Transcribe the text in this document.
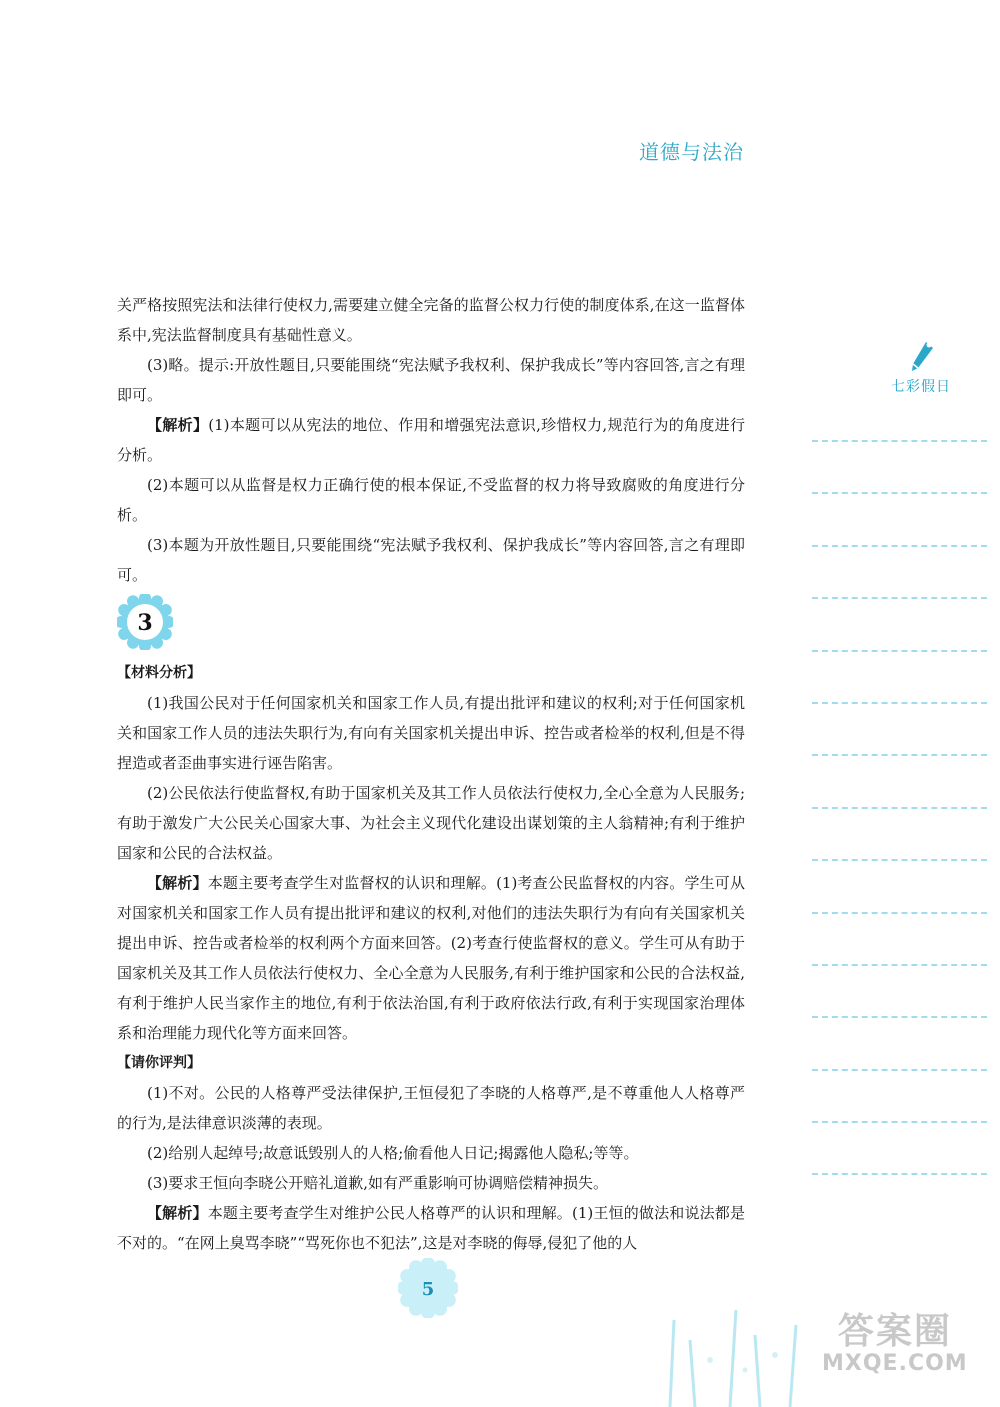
道德与法治
七彩假日

关严格按照宪法和法律行使权力,需要建立健全完备的监督公权力行使的制度体系,在这一监督体系中,宪法监督制度具有基础性意义。

(3)略。提示:开放性题目,只要能围绕“宪法赋予我权利、保护我成长”等内容回答,言之有理即可。

【解析】(1)本题可以从宪法的地位、作用和增强宪法意识,珍惜权力,规范行为的角度进行分析。

(2)本题可以从监督是权力正确行使的根本保证,不受监督的权力将导致腐败的角度进行分析。

(3)本题为开放性题目,只要能围绕“宪法赋予我权利、保护我成长”等内容回答,言之有理即可。

3

【材料分析】

(1)我国公民对于任何国家机关和国家工作人员,有提出批评和建议的权利;对于任何国家机关和国家工作人员的违法失职行为,有向有关国家机关提出申诉、控告或者检举的权利,但是不得捏造或者歪曲事实进行诬告陷害。

(2)公民依法行使监督权,有助于国家机关及其工作人员依法行使权力,全心全意为人民服务;有助于激发广大公民关心国家大事、为社会主义现代化建设出谋划策的主人翁精神;有利于维护国家和公民的合法权益。

【解析】本题主要考查学生对监督权的认识和理解。(1)考查公民监督权的内容。学生可从对国家机关和国家工作人员有提出批评和建议的权利,对他们的违法失职行为有向有关国家机关提出申诉、控告或者检举的权利两个方面来回答。(2)考查行使监督权的意义。学生可从有助于国家机关及其工作人员依法行使权力、全心全意为人民服务,有利于维护国家和公民的合法权益,有利于维护人民当家作主的地位,有利于依法治国,有利于政府依法行政,有利于实现国家治理体系和治理能力现代化等方面来回答。

【请你评判】

(1)不对。公民的人格尊严受法律保护,王恒侵犯了李晓的人格尊严,是不尊重他人人格尊严的行为,是法律意识淡薄的表现。

(2)给别人起绰号;故意诋毁别人的人格;偷看他人日记;揭露他人隐私;等等。

(3)要求王恒向李晓公开赔礼道歉,如有严重影响可协调赔偿精神损失。

【解析】本题主要考查学生对维护公民人格尊严的认识和理解。(1)王恒的做法和说法都是不对的。“在网上臭骂李晓”“骂死你也不犯法”,这是对李晓的侮辱,侵犯了他的人

5
答案圈
MXQE.COM
